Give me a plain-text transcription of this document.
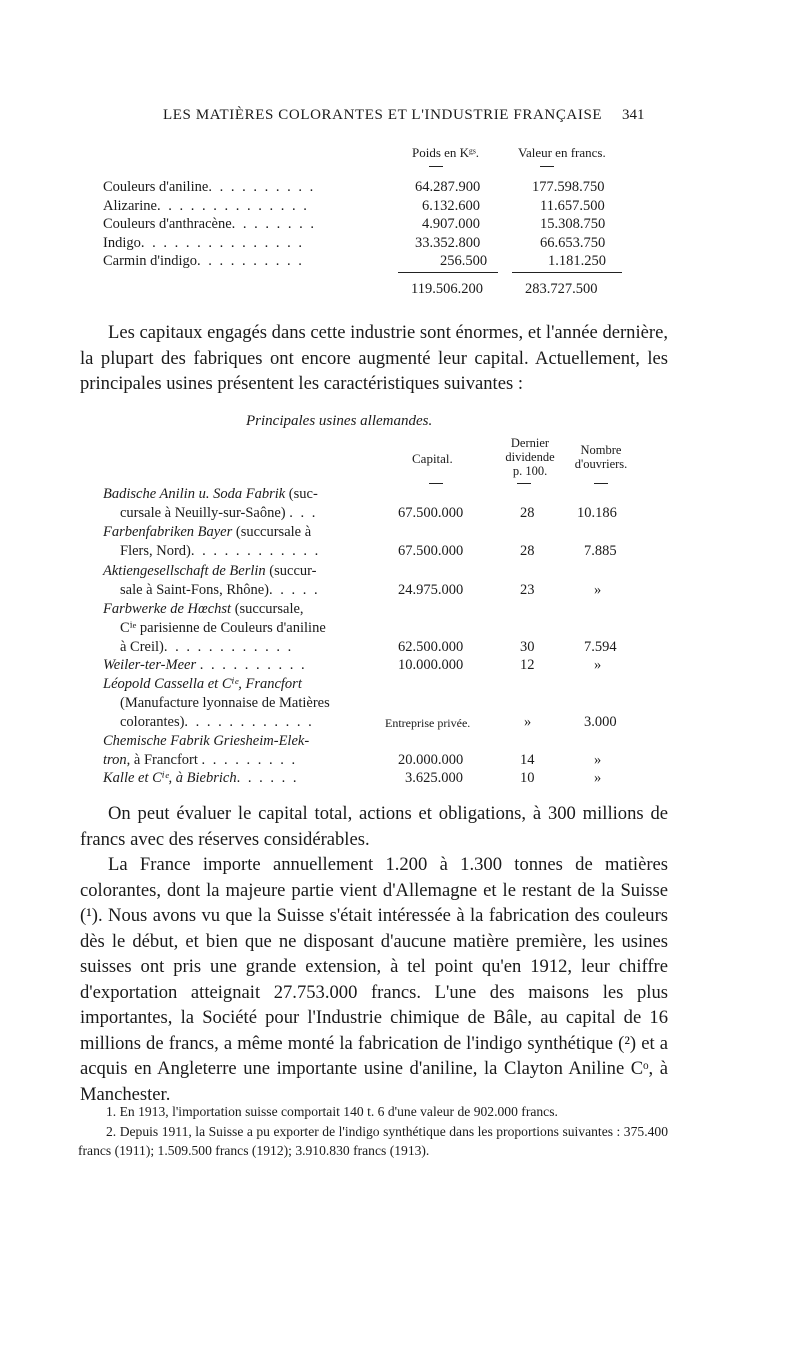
LES MATIÈRES COLORANTES ET L'INDUSTRIE FRANÇAISE 341
Poids en Kᵍˢ.	Valeur en francs.
Couleurs d'aniline. . . . . . . . . .	64.287.900	177.598.750
Alizarine. . . . . . . . . . . . . .	6.132.600	11.657.500
Couleurs d'anthracène. . . . . . . .	4.907.000	15.308.750
Indigo. . . . . . . . . . . . . . .	33.352.800	66.653.750
Carmin d'indigo. . . . . . . . . .	256.500	1.181.250
119.506.200	283.727.500

Les capitaux engagés dans cette industrie sont énormes, et l'année dernière, la plupart des fabriques ont encore augmenté leur capital. Actuellement, les principales usines présentent les caractéristiques suivantes :

Principales usines allemandes.
Capital.
Dernier
dividende
p. 100.
Nombre
d'ouvriers.
Badische Anilin u. Soda Fabrik (suc-
cursale à Neuilly-sur-Saône) . . .	67.500.000	28	10.186
Farbenfabriken Bayer (succursale à
Flers, Nord). . . . . . . . . . . .	67.500.000	28	7.885
Aktiengesellschaft de Berlin (succur-
sale à Saint-Fons, Rhône). . . . .	24.975.000	23	»
Farbwerke de Hœchst (succursale,
Cⁱᵉ parisienne de Couleurs d'aniline
à Creil). . . . . . . . . . . .	62.500.000	30	7.594
Weiler-ter-Meer . . . . . . . . . .	10.000.000	12	»
Léopold Cassella et Cⁱᵉ, Francfort
(Manufacture lyonnaise de Matières
colorantes). . . . . . . . . . . .	Entreprise privée.	»	3.000
Chemische Fabrik Griesheim-Elek-
tron, à Francfort . . . . . . . . .	20.000.000	14	»
Kalle et Cⁱᵉ, à Biebrich. . . . . .	3.625.000	10	»

On peut évaluer le capital total, actions et obligations, à 300 millions de francs avec des réserves considérables.

La France importe annuellement 1.200 à 1.300 tonnes de matières colorantes, dont la majeure partie vient d'Allemagne et le restant de la Suisse (¹). Nous avons vu que la Suisse s'était intéressée à la fabrication des couleurs dès le début, et bien que ne disposant d'aucune matière première, les usines suisses ont pris une grande extension, à tel point qu'en 1912, leur chiffre d'exportation atteignait 27.753.000 francs. L'une des maisons les plus importantes, la Société pour l'Industrie chimique de Bâle, au capital de 16 millions de francs, a même monté la fabrication de l'indigo synthétique (²) et a acquis en Angleterre une importante usine d'aniline, la Clayton Aniline Cᵒ, à Manchester.

1. En 1913, l'importation suisse comportait 140 t. 6 d'une valeur de 902.000 francs.

2. Depuis 1911, la Suisse a pu exporter de l'indigo synthétique dans les proportions suivantes : 375.400 francs (1911); 1.509.500 francs (1912); 3.910.830 francs (1913).
